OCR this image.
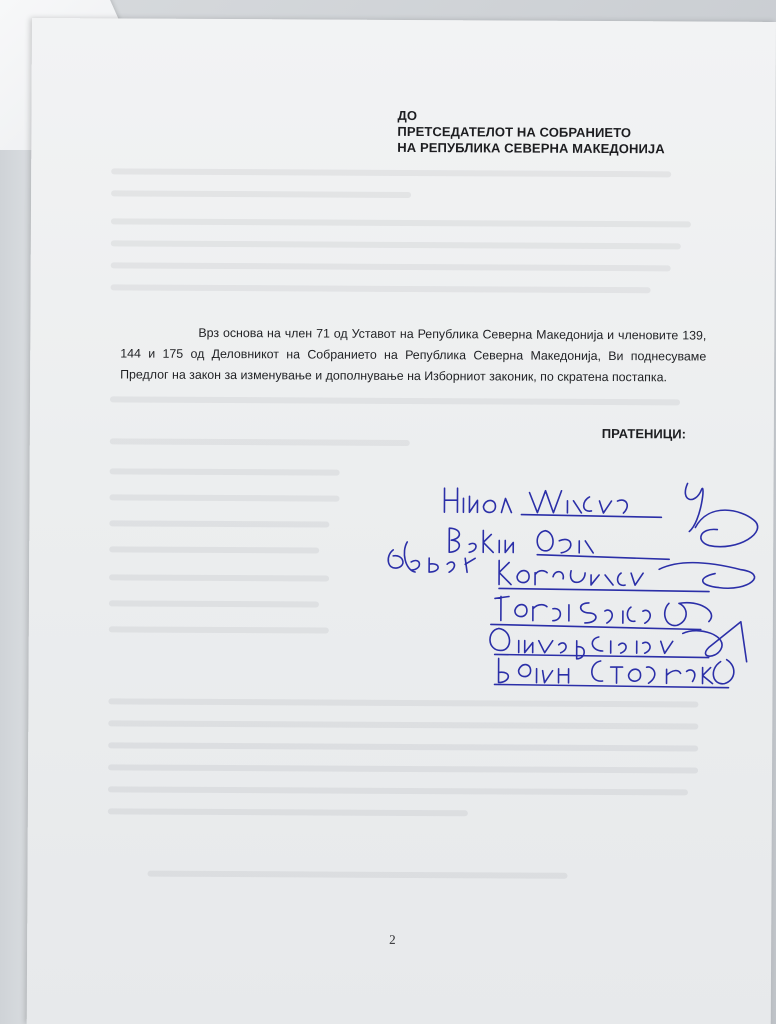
ДО
ПРЕТСЕДАТЕЛОТ НА СОБРАНИЕТО
НА РЕПУБЛИКА СЕВЕРНА МАКЕДОНИЈА

Врз основа на член 71 од Уставот на Република Северна Македонија и членовите 139, 144 и 175 од Деловникот на Собранието на Република Северна Македонија, Ви поднесуваме Предлог на закон за изменување и дополнување на Изборниот законик, по скратена постапка.

ПРАТЕНИЦИ:
2
